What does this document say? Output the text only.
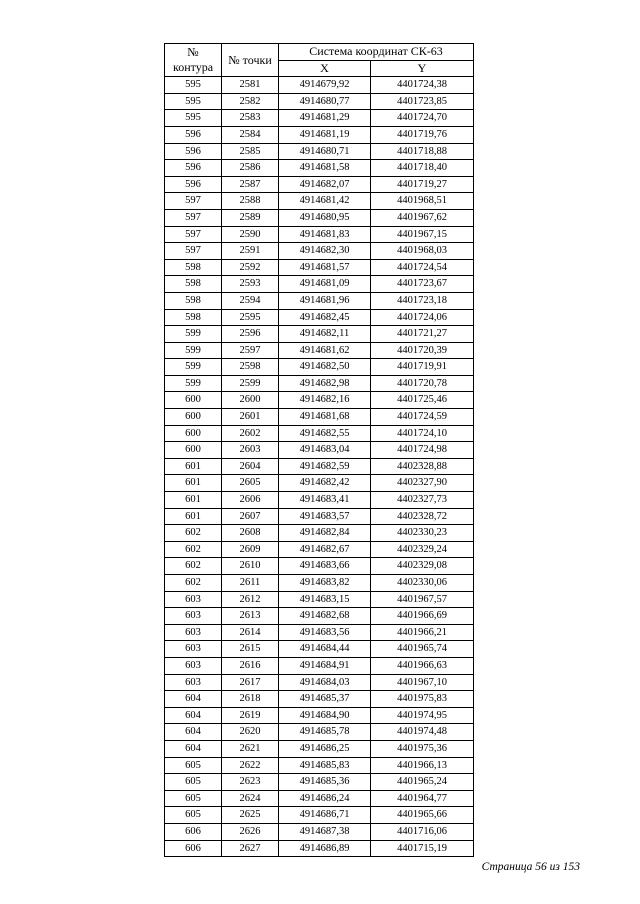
№
контура	№ точки	Система координат СК-63	
		X	Y
595	2581	4914679,92	4401724,38
595	2582	4914680,77	4401723,85
595	2583	4914681,29	4401724,70
596	2584	4914681,19	4401719,76
596	2585	4914680,71	4401718,88
596	2586	4914681,58	4401718,40
596	2587	4914682,07	4401719,27
597	2588	4914681,42	4401968,51
597	2589	4914680,95	4401967,62
597	2590	4914681,83	4401967,15
597	2591	4914682,30	4401968,03
598	2592	4914681,57	4401724,54
598	2593	4914681,09	4401723,67
598	2594	4914681,96	4401723,18
598	2595	4914682,45	4401724,06
599	2596	4914682,11	4401721,27
599	2597	4914681,62	4401720,39
599	2598	4914682,50	4401719,91
599	2599	4914682,98	4401720,78
600	2600	4914682,16	4401725,46
600	2601	4914681,68	4401724,59
600	2602	4914682,55	4401724,10
600	2603	4914683,04	4401724,98
601	2604	4914682,59	4402328,88
601	2605	4914682,42	4402327,90
601	2606	4914683,41	4402327,73
601	2607	4914683,57	4402328,72
602	2608	4914682,84	4402330,23
602	2609	4914682,67	4402329,24
602	2610	4914683,66	4402329,08
602	2611	4914683,82	4402330,06
603	2612	4914683,15	4401967,57
603	2613	4914682,68	4401966,69
603	2614	4914683,56	4401966,21
603	2615	4914684,44	4401965,74
603	2616	4914684,91	4401966,63
603	2617	4914684,03	4401967,10
604	2618	4914685,37	4401975,83
604	2619	4914684,90	4401974,95
604	2620	4914685,78	4401974,48
604	2621	4914686,25	4401975,36
605	2622	4914685,83	4401966,13
605	2623	4914685,36	4401965,24
605	2624	4914686,24	4401964,77
605	2625	4914686,71	4401965,66
606	2626	4914687,38	4401716,06
606	2627	4914686,89	4401715,19
Страница 56 из 153
